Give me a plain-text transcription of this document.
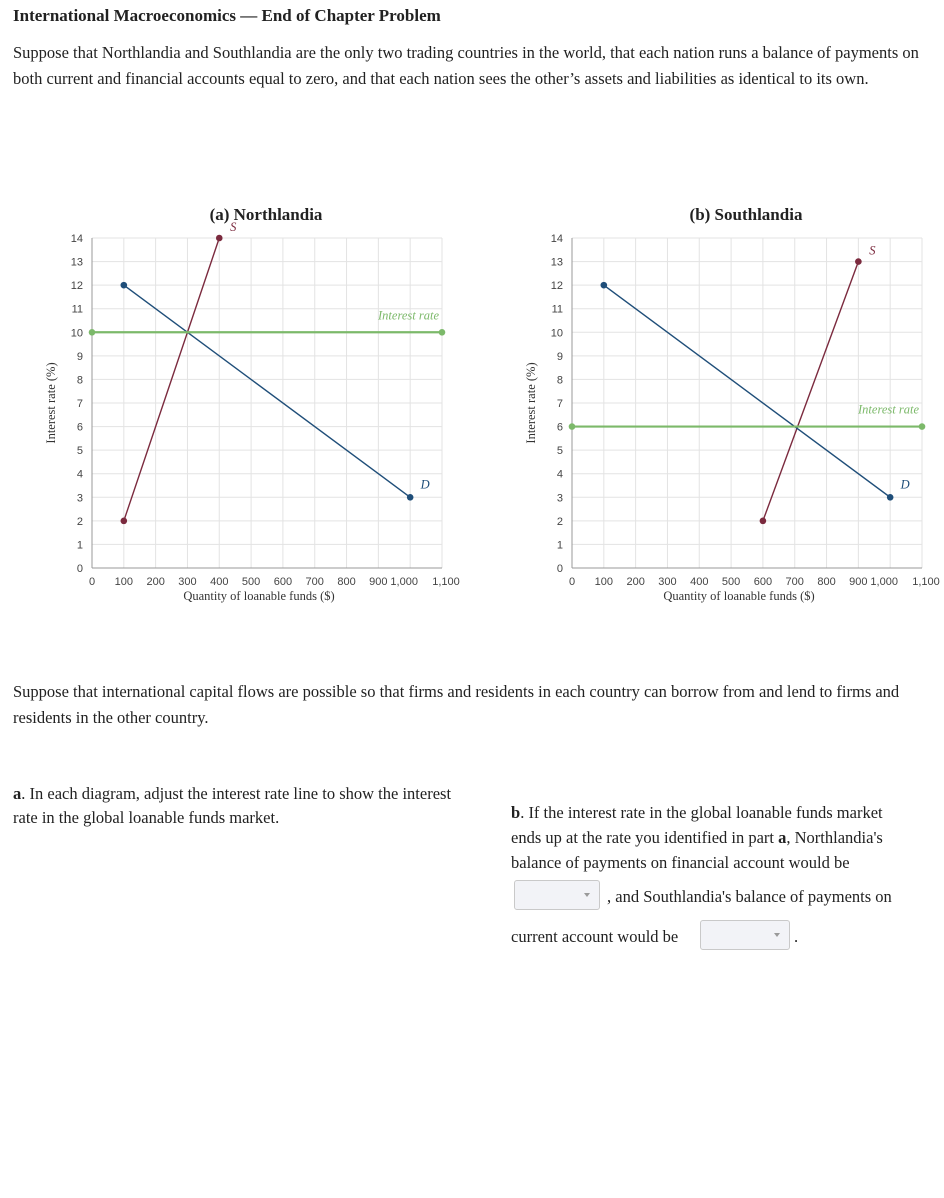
International Macroeconomics — End of Chapter Problem
Suppose that Northlandia and Southlandia are the only two trading countries in the world, that each nation runs a balance of payments on both current and financial accounts equal to zero, and that each nation sees the other’s assets and liabilities as identical to its own.
(a) Northlandia
0 100 200 300 400 500 600 700 800 900 1,000 1,100
0
1
2
3
4
5
6
7
8
9
10
11
12
13
14
Quantity of loanable funds ($)
Interest rate (%)
S
D
Interest rate
(b) Southlandia
0 100 200 300 400 500 600 700 800 900 1,000 1,100
0
1
2
3
4
5
6
7
8
9
10
11
12
13
14
Quantity of loanable funds ($)
Interest rate (%)
S
D
Interest rate
Suppose that international capital flows are possible so that firms and residents in each country can borrow from and lend to firms and residents in the other country.
a. In each diagram, adjust the interest rate line to show the interest rate in the global loanable funds market.	b. If the interest rate in the global loanable funds market
ends up at the rate you identified in part a, Northlandia's
balance of payments on financial account would be
, and Southlandia's balance of payments on
current account would be	.
